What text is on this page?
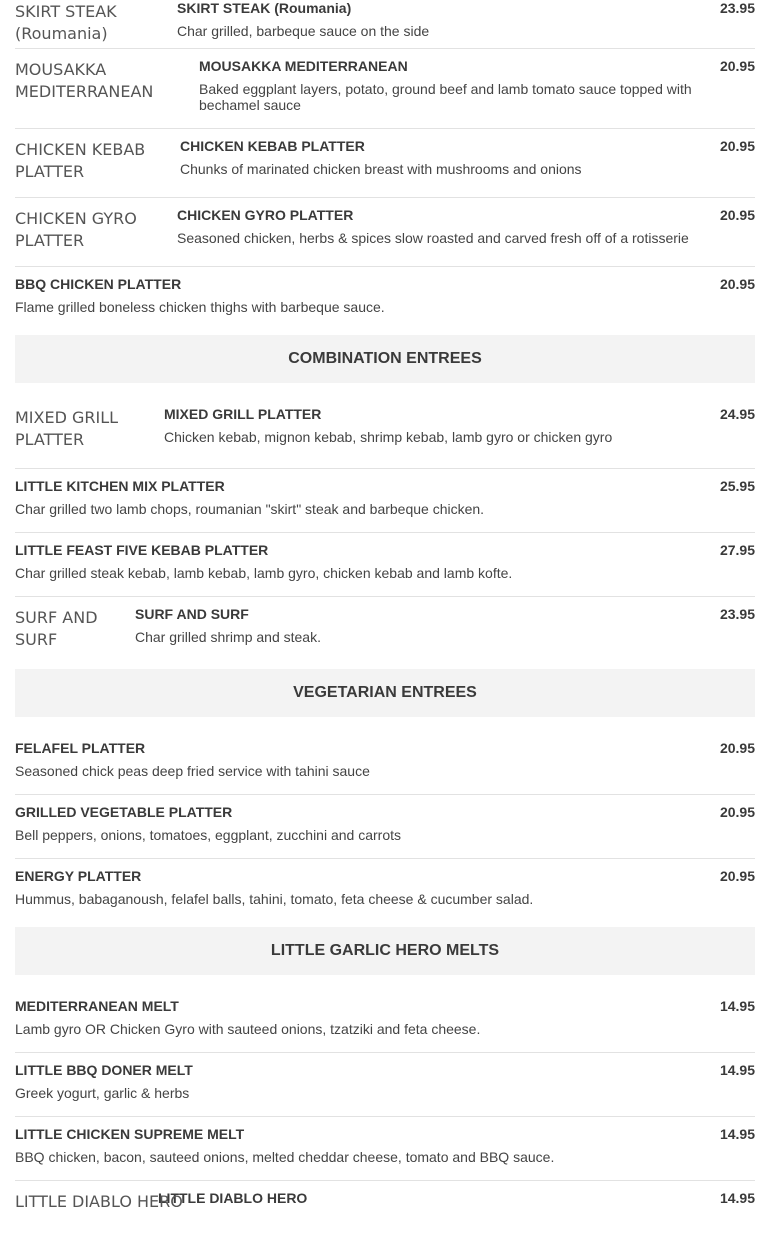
SKIRT STEAK (Roumania)
SKIRT STEAK (Roumania)
Char grilled, barbeque sauce on the side
23.95
MOUSAKKA MEDITERRANEAN
MOUSAKKA MEDITERRANEAN
Baked eggplant layers, potato, ground beef and lamb tomato sauce topped with bechamel sauce
20.95
CHICKEN KEBAB PLATTER
CHICKEN KEBAB PLATTER
Chunks of marinated chicken breast with mushrooms and onions
20.95
CHICKEN GYRO PLATTER
CHICKEN GYRO PLATTER
Seasoned chicken, herbs & spices slow roasted and carved fresh off of a rotisserie
20.95
BBQ CHICKEN PLATTER
Flame grilled boneless chicken thighs with barbeque sauce.
20.95
COMBINATION ENTREES
MIXED GRILL PLATTER
MIXED GRILL PLATTER
Chicken kebab, mignon kebab, shrimp kebab, lamb gyro or chicken gyro
24.95
LITTLE KITCHEN MIX PLATTER
Char grilled two lamb chops, roumanian "skirt" steak and barbeque chicken.
25.95
LITTLE FEAST FIVE KEBAB PLATTER
Char grilled steak kebab, lamb kebab, lamb gyro, chicken kebab and lamb kofte.
27.95
SURF AND SURF
SURF AND SURF
Char grilled shrimp and steak.
23.95
VEGETARIAN ENTREES
FELAFEL PLATTER
Seasoned chick peas deep fried service with tahini sauce
20.95
GRILLED VEGETABLE PLATTER
Bell peppers, onions, tomatoes, eggplant, zucchini and carrots
20.95
ENERGY PLATTER
Hummus, babaganoush, felafel balls, tahini, tomato, feta cheese & cucumber salad.
20.95
LITTLE GARLIC HERO MELTS
MEDITERRANEAN MELT
Lamb gyro OR Chicken Gyro with sauteed onions, tzatziki and feta cheese.
14.95
LITTLE BBQ DONER MELT
Greek yogurt, garlic & herbs
14.95
LITTLE CHICKEN SUPREME MELT
BBQ chicken, bacon, sauteed onions, melted cheddar cheese, tomato and BBQ sauce.
14.95
LITTLE DIABLO HERO
LITTLE DIABLO HERO	14.95
